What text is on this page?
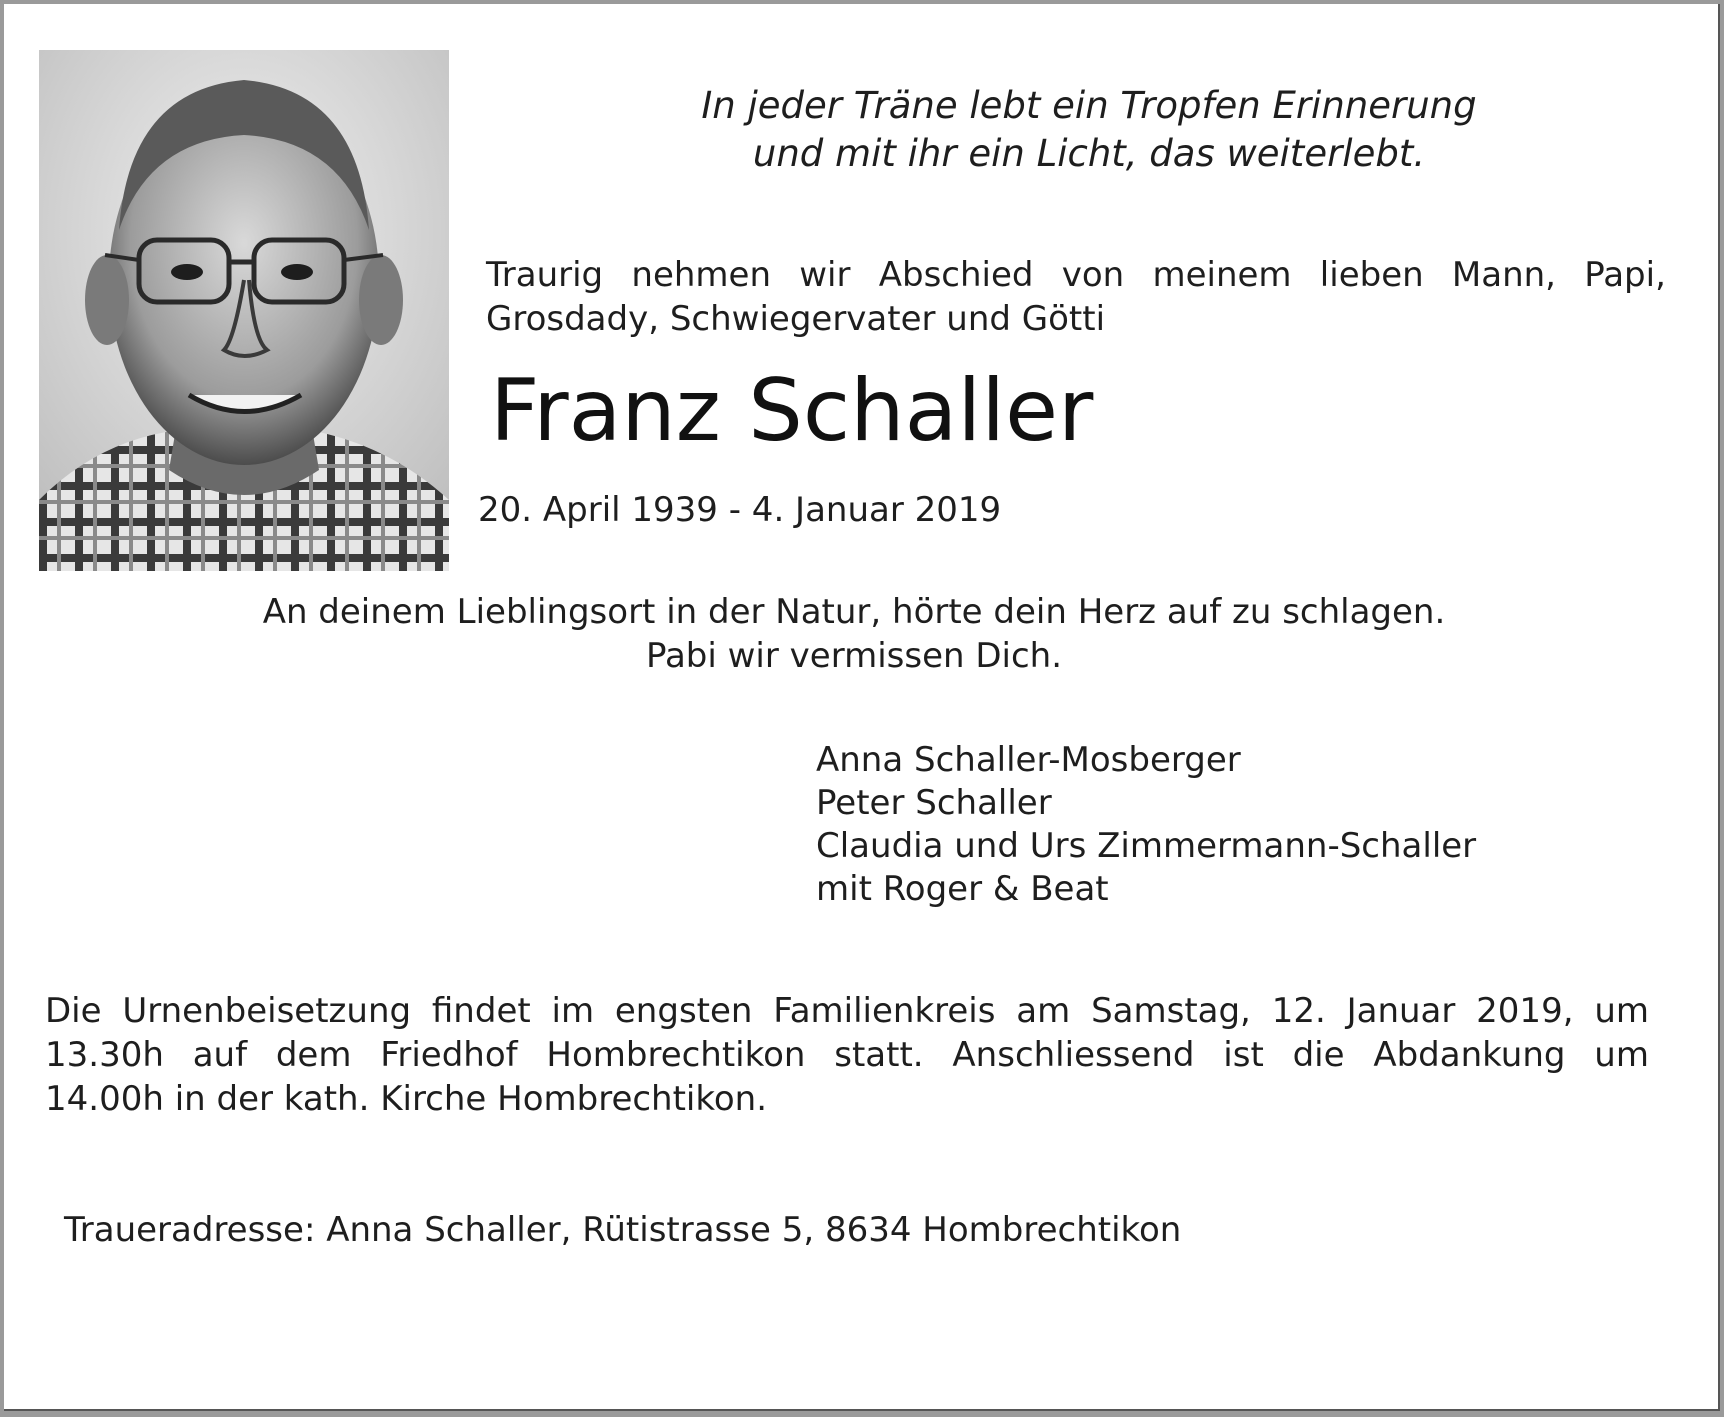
In jeder Träne lebt ein Tropfen Erinnerung
und mit ihr ein Licht, das weiterlebt.
Traurig nehmen wir Abschied von meinem lieben Mann, Papi,
Grosdady, Schwiegervater und Götti
Franz Schaller
20. April 1939 - 4. Januar 2019
An deinem Lieblingsort in der Natur, hörte dein Herz auf zu schlagen.
Pabi wir vermissen Dich.
Anna Schaller-Mosberger
Peter Schaller
Claudia und Urs Zimmermann-Schaller
mit Roger & Beat
Die Urnenbeisetzung findet im engsten Familienkreis am Samstag, 12. Januar 2019, um
13.30h auf dem Friedhof Hombrechtikon statt. Anschliessend ist die Abdankung um
14.00h in der kath. Kirche Hombrechtikon.
Traueradresse: Anna Schaller, Rütistrasse 5, 8634 Hombrechtikon
